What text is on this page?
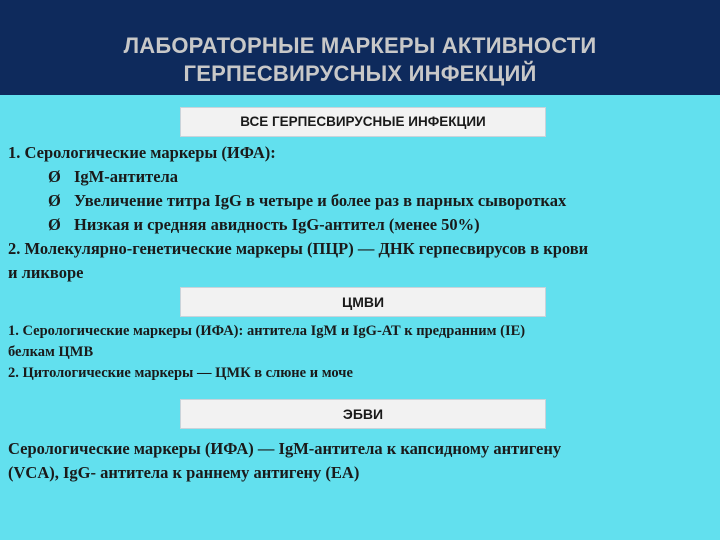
ЛАБОРАТОРНЫЕ МАРКЕРЫ АКТИВНОСТИ
ГЕРПЕСВИРУСНЫХ ИНФЕКЦИЙ
ВСЕ ГЕРПЕСВИРУСНЫЕ ИНФЕКЦИИ
1. Серологические маркеры (ИФА):
Ø IgM-антитела
Ø Увеличение титра IgG в четыре и более раз в парных сыворотках
Ø Низкая и средняя авидность IgG-антител (менее 50%)
2. Молекулярно-генетические маркеры (ПЦР) — ДНК герпесвирусов в крови
и ликворе
ЦМВИ
1. Серологические маркеры (ИФА): антитела IgM и IgG-АТ к предранним (IE)
белкам ЦМВ
2. Цитологические маркеры — ЦМК в слюне и моче
ЭБВИ
Серологические маркеры (ИФА) — IgM-антитела к капсидному антигену
(VCA), IgG- антитела к раннему антигену (ЕА)
